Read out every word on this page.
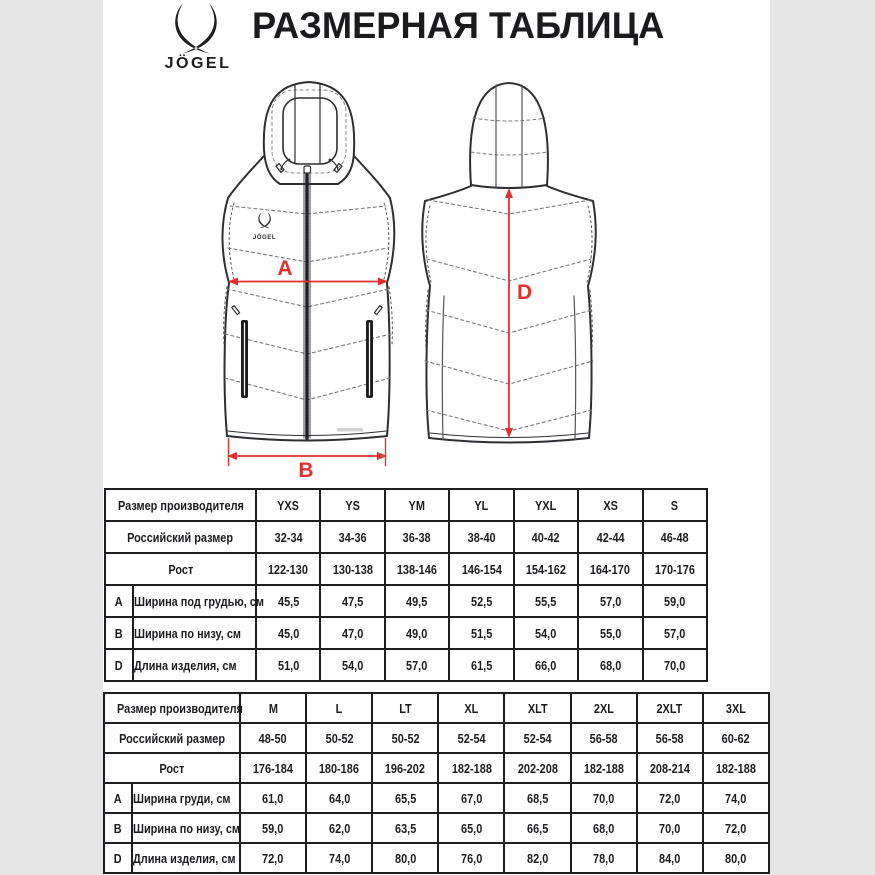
JÖGEL
РАЗМЕРНАЯ ТАБЛИЦА
JÖGEL
A
B
D
Размер производителя		YXS	YS	YM	YL	YXL	XS	S
Российский размер		32-34	34-36	36-38	38-40	40-42	42-44	46-48
Рост		122-130	130-138	138-146	146-154	154-162	164-170	170-176
A	Ширина под грудью, см	45,5	47,5	49,5	52,5	55,5	57,0	59,0
B	Ширина по низу, см	45,0	47,0	49,0	51,5	54,0	55,0	57,0
D	Длина изделия, см	51,0	54,0	57,0	61,5	66,0	68,0	70,0
Размер производителя		M	L	LT	XL	XLT	2XL	2XLT	3XL
Российский размер		48-50	50-52	50-52	52-54	52-54	56-58	56-58	60-62
Рост		176-184	180-186	196-202	182-188	202-208	182-188	208-214	182-188
A	Ширина груди, см	61,0	64,0	65,5	67,0	68,5	70,0	72,0	74,0
B	Ширина по низу, см	59,0	62,0	63,5	65,0	66,5	68,0	70,0	72,0
D	Длина изделия, см	72,0	74,0	80,0	76,0	82,0	78,0	84,0	80,0
